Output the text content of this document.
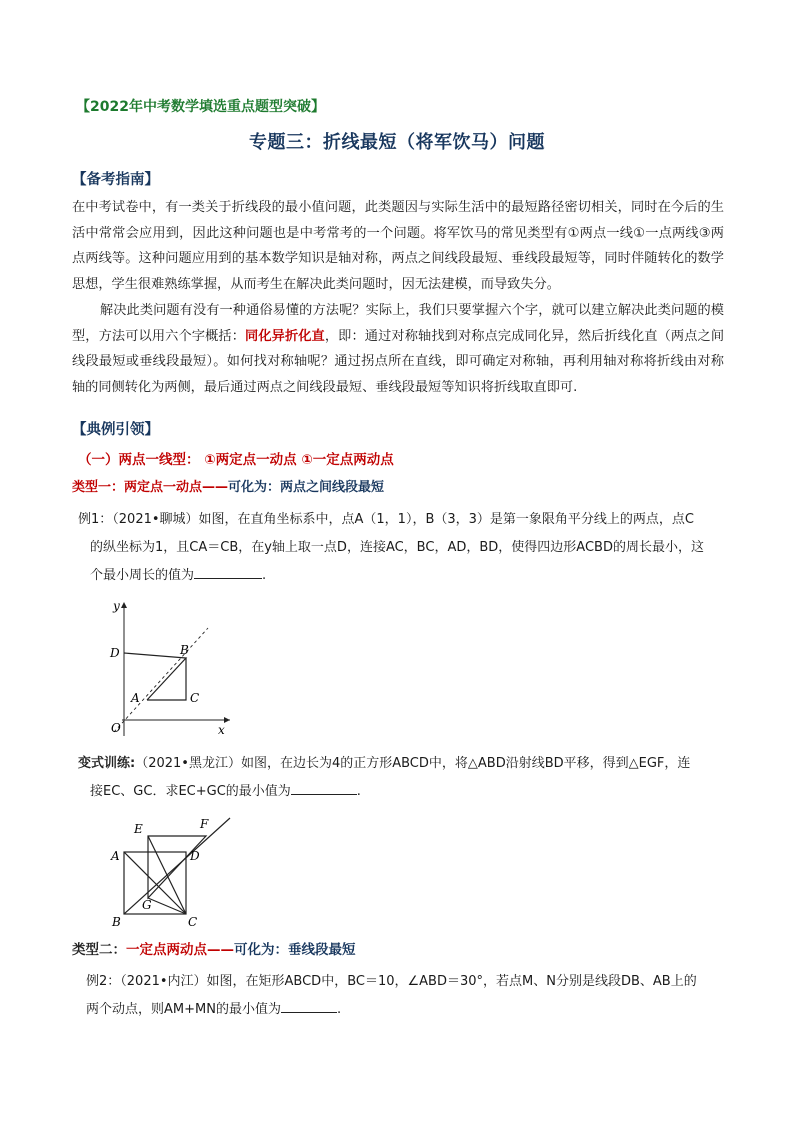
【2022年中考数学填选重点题型突破】
专题三：折线最短（将军饮马）问题
【备考指南】
在中考试卷中，有一类关于折线段的最小值问题，此类题因与实际生活中的最短路径密切相关，同时在今后的生活中常常会应用到，因此这种问题也是中考常考的一个问题。将军饮马的常见类型有①两点一线①一点两线③两点两线等。这种问题应用到的基本数学知识是轴对称，两点之间线段最短、垂线段最短等，同时伴随转化的数学思想，学生很难熟练掌握，从而考生在解决此类问题时，因无法建模，而导致失分。
解决此类问题有没有一种通俗易懂的方法呢？实际上，我们只要掌握六个字，就可以建立解决此类问题的模型，方法可以用六个字概括：同化异折化直，即：通过对称轴找到对称点完成同化异，然后折线化直（两点之间线段最短或垂线段最短）。如何找对称轴呢？通过拐点所在直线，即可确定对称轴，再利用轴对称将折线由对称轴的同侧转化为两侧，最后通过两点之间线段最短、垂线段最短等知识将折线取直即可.
【典例引领】
（一）两点一线型： ①两定点一动点 ①一定点两动点
类型一：两定点一动点——可化为：两点之间线段最短
例1：（2021•聊城）如图，在直角坐标系中，点A（1，1），B（3，3）是第一象限角平分线上的两点，点C
的纵坐标为1，且CA＝CB，在y轴上取一点D，连接AC，BC，AD，BD，使得四边形ACBD的周长最小，这
个最小周长的值为	.
y
D	B
A	C
O	x
变式训练:（2021•黑龙江）如图，在边长为4的正方形ABCD中，将△ABD沿射线BD平移，得到△EGF，连
接EC、GC．求EC+GC的最小值为	.
E	F
A	D
G
B	C
类型二：一定点两动点——可化为：垂线段最短
例2：（2021•内江）如图，在矩形ABCD中，BC＝10，∠ABD＝30°，若点M、N分别是线段DB、AB上的
两个动点，则AM+MN的最小值为	.
